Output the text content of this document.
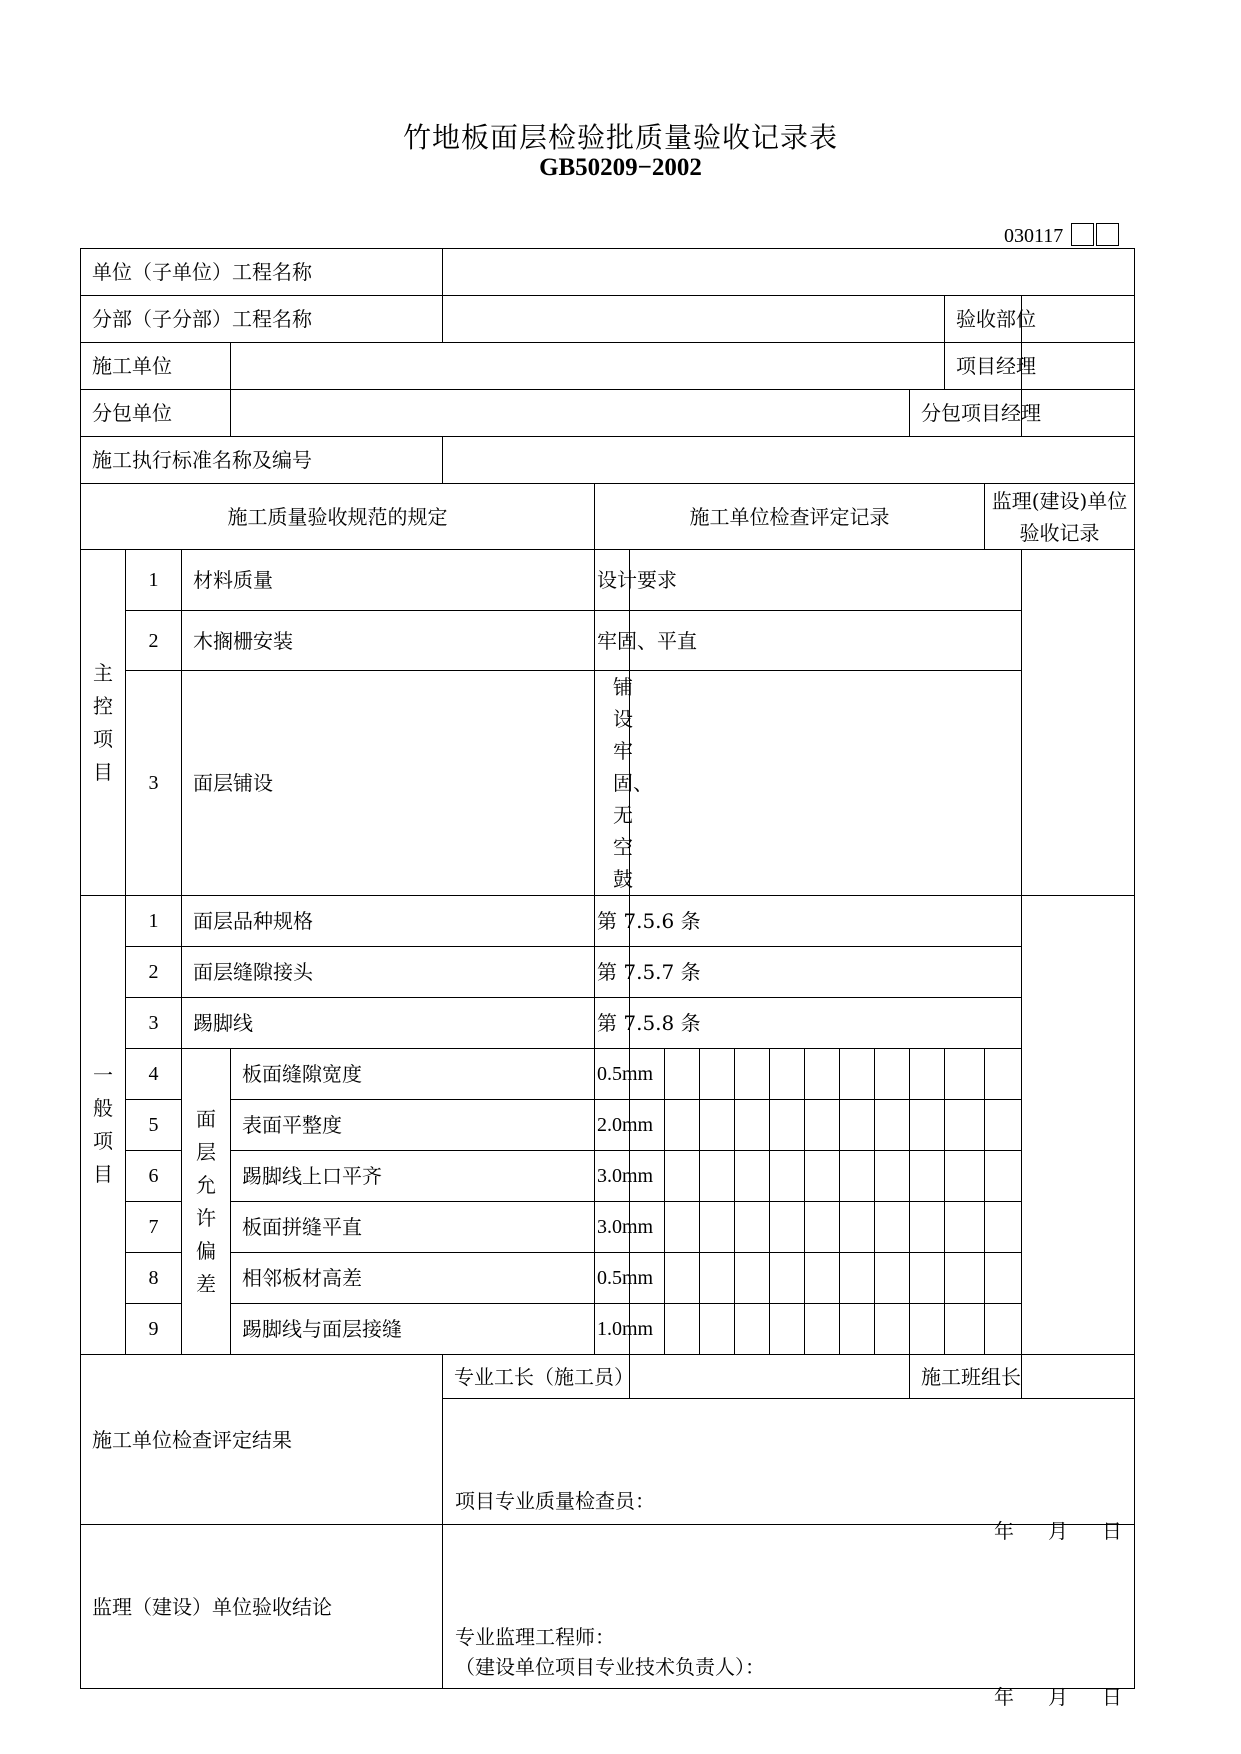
竹地板面层检验批质量验收记录表
GB50209−2002
030117
单位（子单位）工程名称																	
分部（子分部）工程名称															验收部位		
施工单位															项目经理		
分包单位														分包项目经理			
施工执行标准名称及编号																	
施工质量验收规范的规定					施工单位检查评定记录											监理(建设)单位验收记录	

主控项目	1	材料质量			设计要求												
	2	木搁栅安装			牢固、平直												
	3	面层铺设			铺设牢固、无空鼓												

一般项目	1	面层品种规格			第 7.5.6 条												
	2	面层缝隙接头			第 7.5.7 条												
	3	踢脚线			第 7.5.8 条												
	4	面层允许偏差	板面缝隙宽度		0.5mm												
	5		表面平整度		2.0mm												
	6		踢脚线上口平齐		3.0mm												
	7		板面拼缝平直		3.0mm												
	8		相邻板材高差		0.5mm												
	9		踢脚线与面层接缝		1.0mm												
施工单位检查评定结果				专业工长（施工员）										施工班组长			

				项目专业质量检查员：
年 月 日													

监理（建设）单位验收结论				专业监理工程师：
（建设单位项目专业技术负责人）：
年 月 日													
